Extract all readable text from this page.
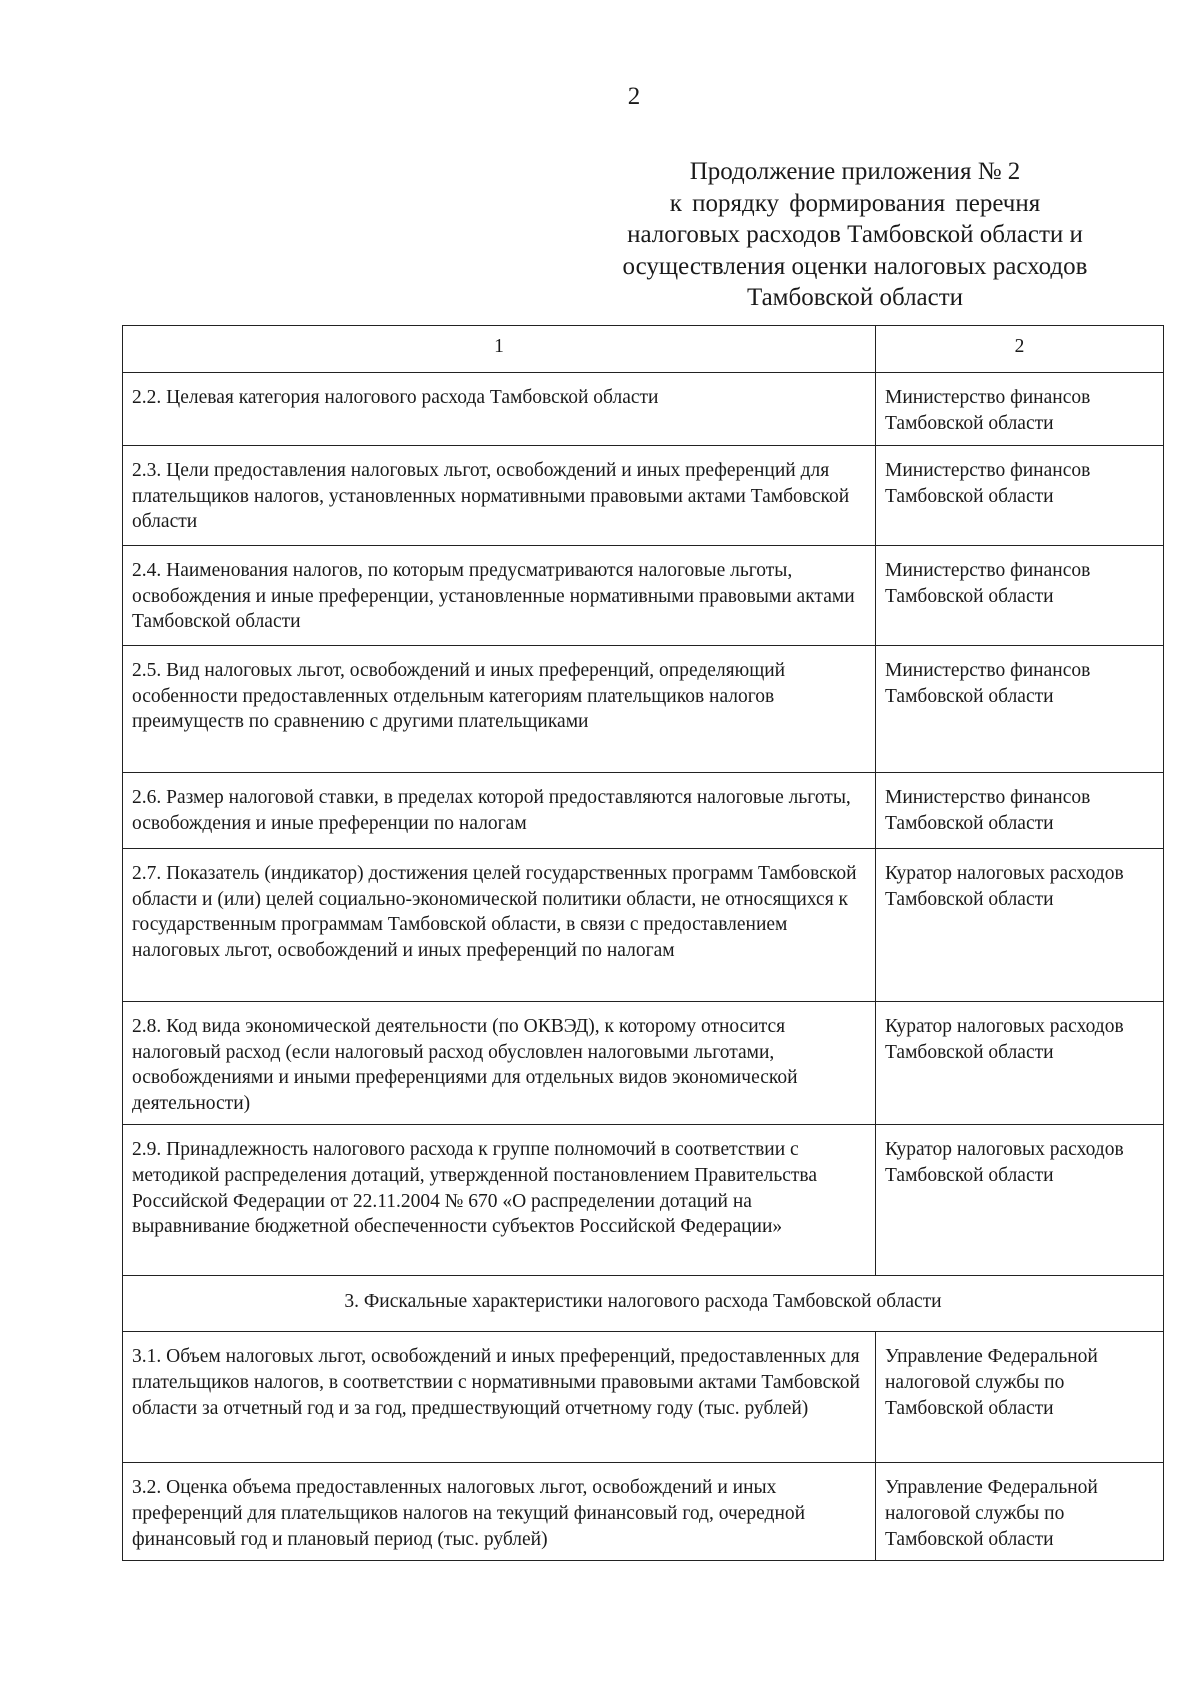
2
Продолжение приложения № 2
к порядку формирования перечня
налоговых расходов Тамбовской области и
осуществления оценки налоговых расходов
Тамбовской области
1	2

2.2. Целевая категория налогового расхода Тамбовской области	Министерство финансов Тамбовской области

2.3. Цели предоставления налоговых льгот, освобождений и иных преференций для плательщиков налогов, установленных нормативными правовыми актами Тамбовской области	Министерство финансов Тамбовской области

2.4. Наименования налогов, по которым предусматриваются налоговые льготы, освобождения и иные преференции, установленные нормативными правовыми актами Тамбовской области	Министерство финансов Тамбовской области

2.5. Вид налоговых льгот, освобождений и иных преференций, определяющий особенности предоставленных отдельным категориям плательщиков налогов преимуществ по сравнению с другими плательщиками	Министерство финансов Тамбовской области

2.6. Размер налоговой ставки, в пределах которой предоставляются налоговые льготы, освобождения и иные преференции по налогам	Министерство финансов Тамбовской области

2.7. Показатель (индикатор) достижения целей государственных программ Тамбовской области и (или) целей социально-экономической политики области, не относящихся к государственным программам Тамбовской области, в связи с предоставлением налоговых льгот, освобождений и иных преференций по налогам	Куратор налоговых расходов Тамбовской области

2.8. Код вида экономической деятельности (по ОКВЭД), к которому относится налоговый расход (если налоговый расход обусловлен налоговыми льготами, освобождениями и иными преференциями для отдельных видов экономической деятельности)	Куратор налоговых расходов Тамбовской области

2.9. Принадлежность налогового расхода к группе полномочий в соответствии с методикой распределения дотаций, утвержденной постановлением Правительства Российской Федерации от 22.11.2004 № 670 «О распределении дотаций на выравнивание бюджетной обеспеченности субъектов Российской Федерации»	Куратор налоговых расходов Тамбовской области

3. Фискальные характеристики налогового расхода Тамбовской области	

3.1. Объем налоговых льгот, освобождений и иных преференций, предоставленных для плательщиков налогов, в соответствии с нормативными правовыми актами Тамбовской области за отчетный год и за год, предшествующий отчетному году (тыс. рублей)	Управление Федеральной налоговой службы по Тамбовской области

3.2. Оценка объема предоставленных налоговых льгот, освобождений и иных преференций для плательщиков налогов на текущий финансовый год, очередной финансовый год и плановый период (тыс. рублей)	Управление Федеральной налоговой службы по Тамбовской области
